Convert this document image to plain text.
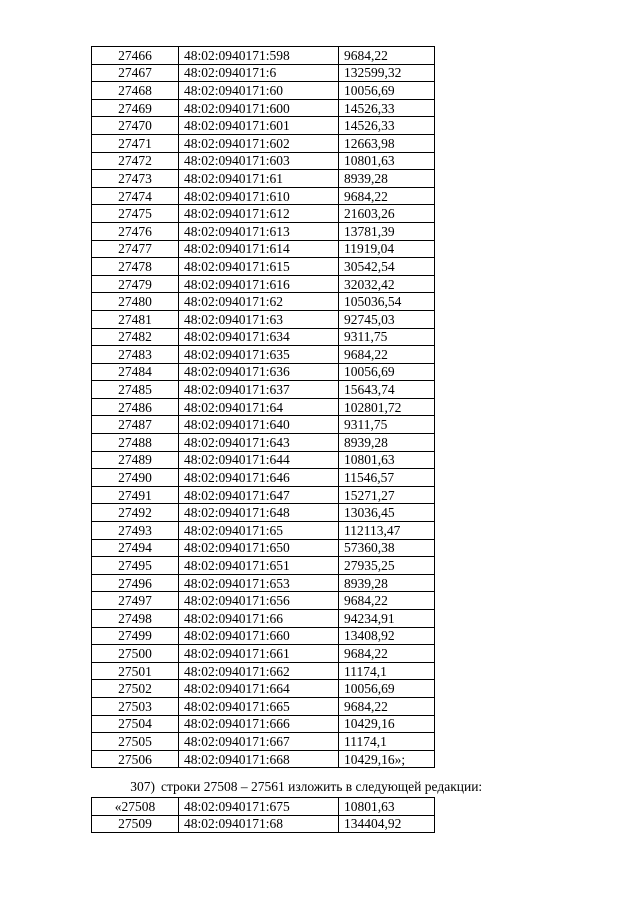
27466	48:02:0940171:598	9684,22
27467	48:02:0940171:6	132599,32
27468	48:02:0940171:60	10056,69
27469	48:02:0940171:600	14526,33
27470	48:02:0940171:601	14526,33
27471	48:02:0940171:602	12663,98
27472	48:02:0940171:603	10801,63
27473	48:02:0940171:61	8939,28
27474	48:02:0940171:610	9684,22
27475	48:02:0940171:612	21603,26
27476	48:02:0940171:613	13781,39
27477	48:02:0940171:614	11919,04
27478	48:02:0940171:615	30542,54
27479	48:02:0940171:616	32032,42
27480	48:02:0940171:62	105036,54
27481	48:02:0940171:63	92745,03
27482	48:02:0940171:634	9311,75
27483	48:02:0940171:635	9684,22
27484	48:02:0940171:636	10056,69
27485	48:02:0940171:637	15643,74
27486	48:02:0940171:64	102801,72
27487	48:02:0940171:640	9311,75
27488	48:02:0940171:643	8939,28
27489	48:02:0940171:644	10801,63
27490	48:02:0940171:646	11546,57
27491	48:02:0940171:647	15271,27
27492	48:02:0940171:648	13036,45
27493	48:02:0940171:65	112113,47
27494	48:02:0940171:650	57360,38
27495	48:02:0940171:651	27935,25
27496	48:02:0940171:653	8939,28
27497	48:02:0940171:656	9684,22
27498	48:02:0940171:66	94234,91
27499	48:02:0940171:660	13408,92
27500	48:02:0940171:661	9684,22
27501	48:02:0940171:662	11174,1
27502	48:02:0940171:664	10056,69
27503	48:02:0940171:665	9684,22
27504	48:02:0940171:666	10429,16
27505	48:02:0940171:667	11174,1
27506	48:02:0940171:668	10429,16»;
307) строки 27508 – 27561 изложить в следующей редакции:
«27508	48:02:0940171:675	10801,63
27509	48:02:0940171:68	134404,92
